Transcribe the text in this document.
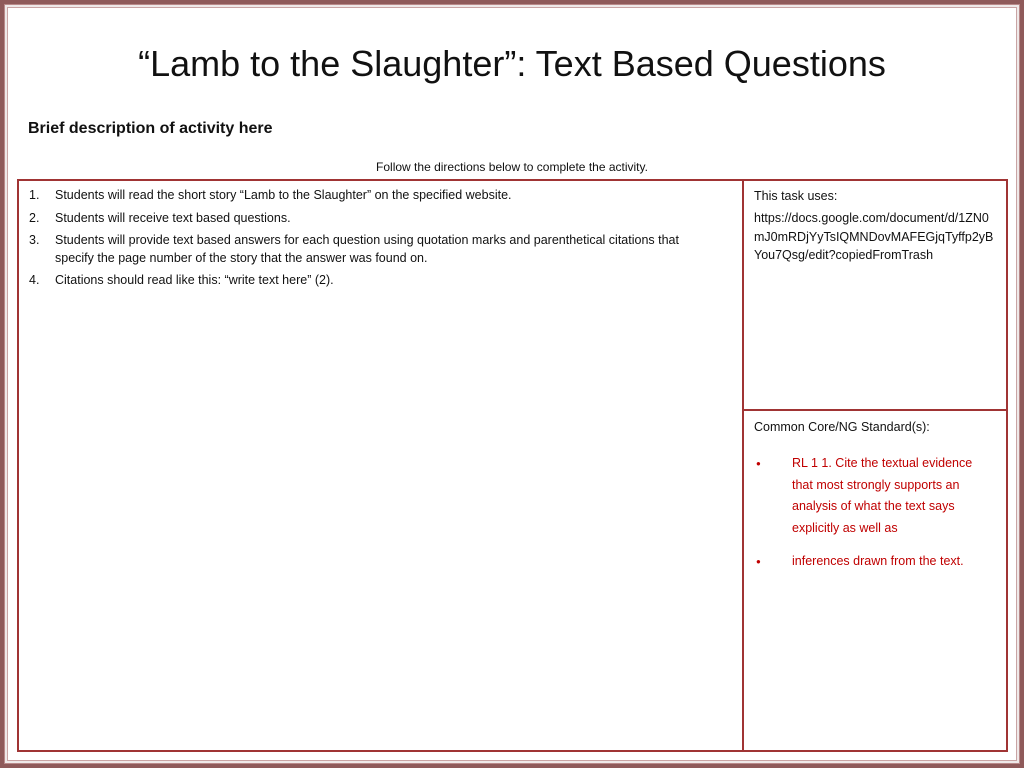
“Lamb to the Slaughter”: Text Based Questions
Brief description of activity here
Follow the directions below to complete the activity.
1. Students will read the short story “Lamb to the Slaughter” on the specified website.
2. Students will receive text based questions.
3. Students will provide text based answers for each question using quotation marks and parenthetical citations that specify the page number of the story that the answer was found on.
4. Citations should read like this: “write text here” (2).
This task uses:
https://docs.google.com/document/d/1ZN0mJ0mRDjYyTsIQMNDovMAFEGjqTyffp2yBYou7Qsg/edit?copiedFromTrash
Common Core/NG Standard(s):
● RL 1 1. Cite the textual evidence that most strongly supports an analysis of what the text says explicitly as well as
● inferences drawn from the text.
